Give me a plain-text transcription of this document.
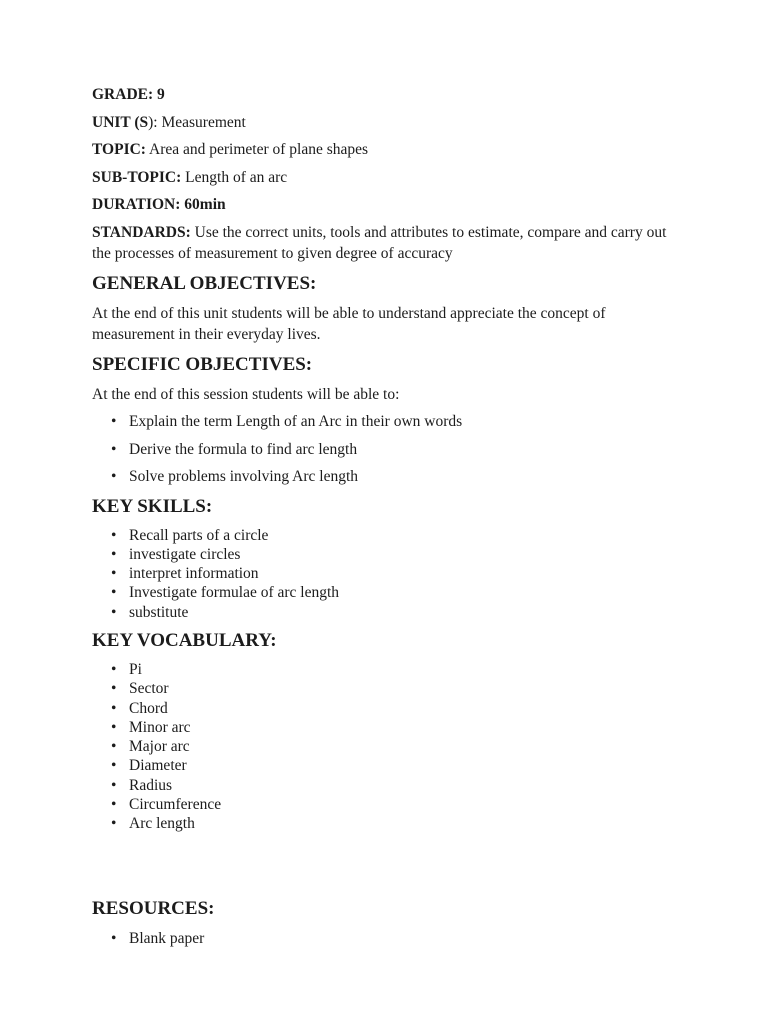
GRADE: 9

UNIT (S): Measurement

TOPIC: Area and perimeter of plane shapes

SUB-TOPIC: Length of an arc

DURATION: 60min

STANDARDS: Use the correct units, tools and attributes to estimate, compare and carry out the processes of measurement to given degree of accuracy

GENERAL OBJECTIVES:

At the end of this unit students will be able to understand appreciate the concept of measurement in their everyday lives.

SPECIFIC OBJECTIVES:

At the end of this session students will be able to:

• Explain the term Length of an Arc in their own words
• Derive the formula to find arc length
• Solve problems involving Arc length

KEY SKILLS:

• Recall parts of a circle
• investigate circles
• interpret information
• Investigate formulae of arc length
• substitute

KEY VOCABULARY:

• Pi
• Sector
• Chord
• Minor arc
• Major arc
• Diameter
• Radius
• Circumference
• Arc length

RESOURCES:

• Blank paper
